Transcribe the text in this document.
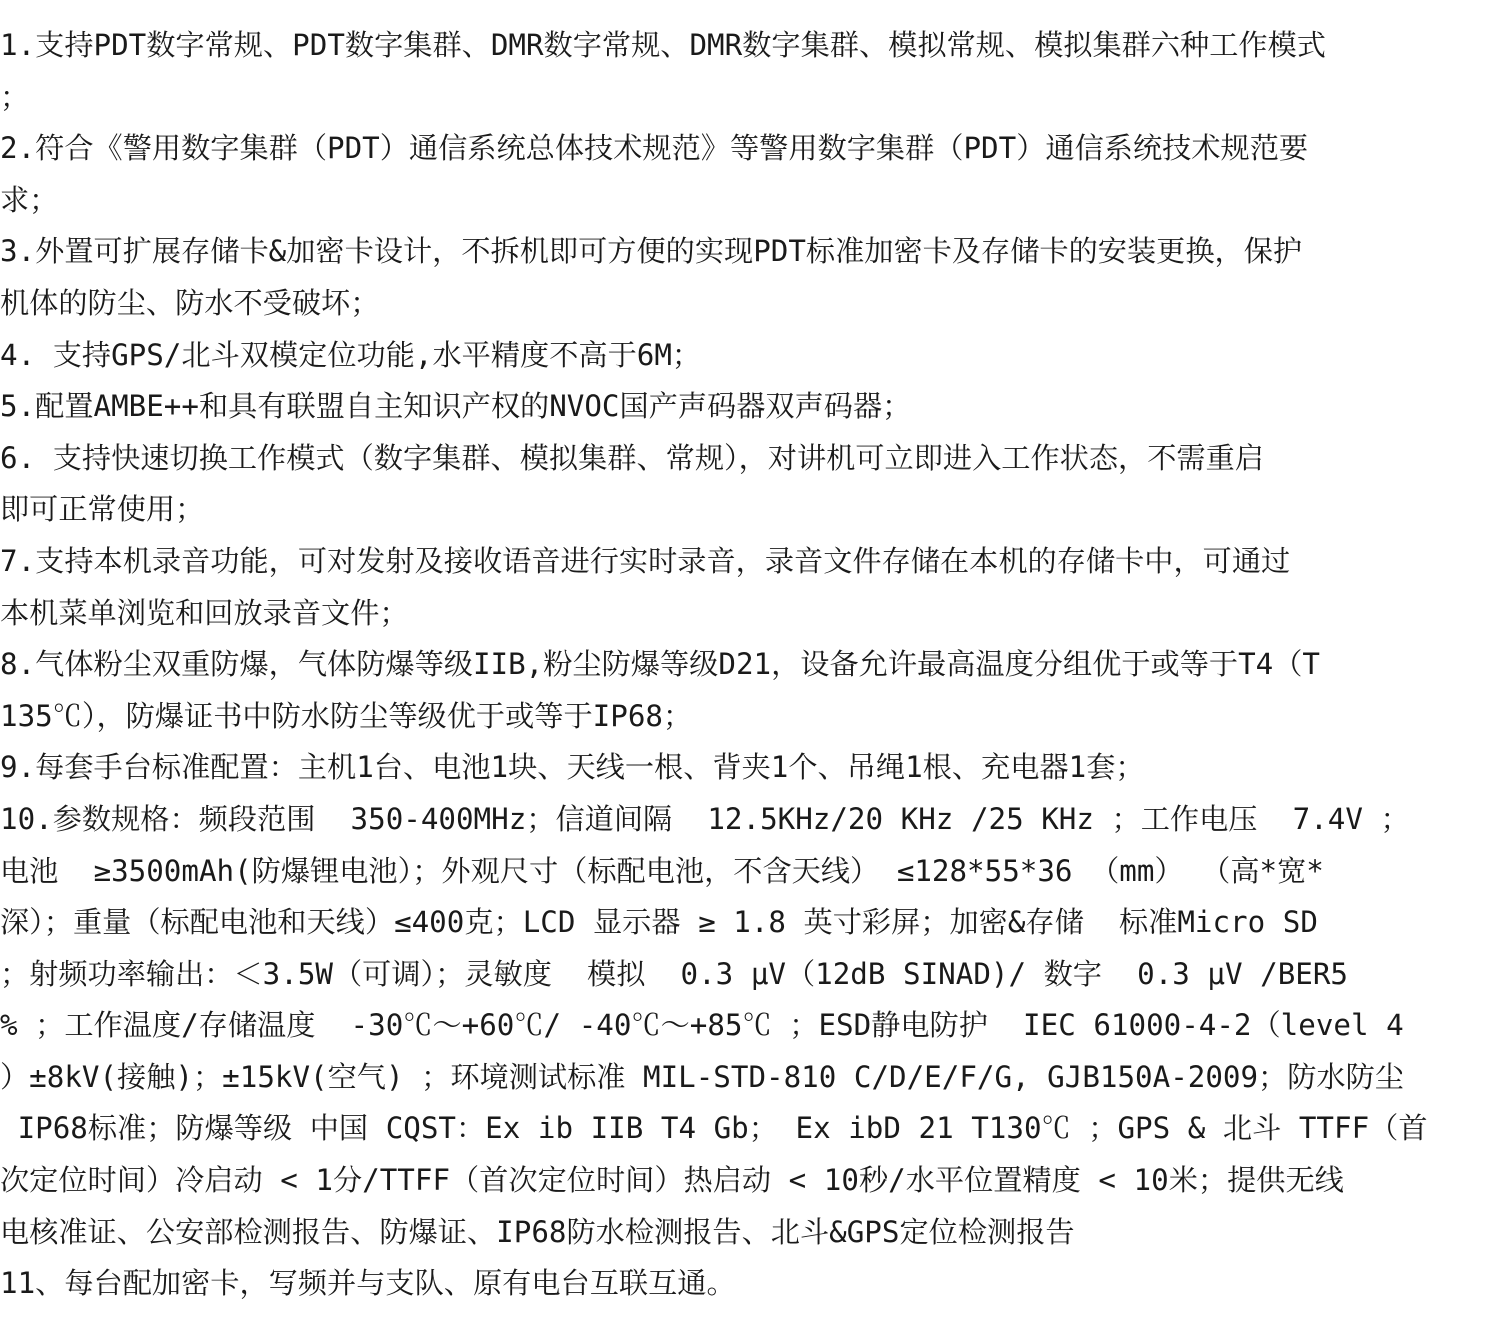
1.支持PDT数字常规、PDT数字集群、DMR数字常规、DMR数字集群、模拟常规、模拟集群六种工作模式
；
2.符合《警用数字集群（PDT）通信系统总体技术规范》等警用数字集群（PDT）通信系统技术规范要
求；
3.外置可扩展存储卡&加密卡设计，不拆机即可方便的实现PDT标准加密卡及存储卡的安装更换，保护
机体的防尘、防水不受破坏；
4. 支持GPS/北斗双模定位功能,水平精度不高于6M；
5.配置AMBE++和具有联盟自主知识产权的NVOC国产声码器双声码器；
6. 支持快速切换工作模式（数字集群、模拟集群、常规），对讲机可立即进入工作状态，不需重启
即可正常使用；
7.支持本机录音功能，可对发射及接收语音进行实时录音，录音文件存储在本机的存储卡中，可通过
本机菜单浏览和回放录音文件；
8.气体粉尘双重防爆，气体防爆等级IIB,粉尘防爆等级D21，设备允许最高温度分组优于或等于T4（T
135℃），防爆证书中防水防尘等级优于或等于IP68；
9.每套手台标准配置：主机1台、电池1块、天线一根、背夹1个、吊绳1根、充电器1套；
10.参数规格：频段范围  350-400MHz；信道间隔  12.5KHz/20 KHz /25 KHz ；工作电压  7.4V ；
电池  ≥3500mAh(防爆锂电池）；外观尺寸（标配电池，不含天线） ≤128*55*36 （mm） （高*宽*
深）；重量（标配电池和天线）≤400克；LCD 显示器 ≥ 1.8 英寸彩屏；加密&存储  标准Micro SD
；射频功率输出：＜3.5W（可调）；灵敏度  模拟  0.3 μV（12dB SINAD)/ 数字  0.3 μV /BER5
% ；工作温度/存储温度  -30℃～+60℃/ -40℃～+85℃ ；ESD静电防护  IEC 61000-4-2（level 4
）±8kV(接触)；±15kV(空气) ；环境测试标准 MIL-STD-810 C/D/E/F/G, GJB150A-2009；防水防尘
IP68标准；防爆等级 中国 CQST：Ex ib IIB T4 Gb； Ex ibD 21 T130℃ ；GPS & 北斗 TTFF（首
次定位时间）冷启动 < 1分/TTFF（首次定位时间）热启动 < 10秒/水平位置精度 < 10米；提供无线
电核准证、公安部检测报告、防爆证、IP68防水检测报告、北斗&GPS定位检测报告
11、每台配加密卡，写频并与支队、原有电台互联互通。
